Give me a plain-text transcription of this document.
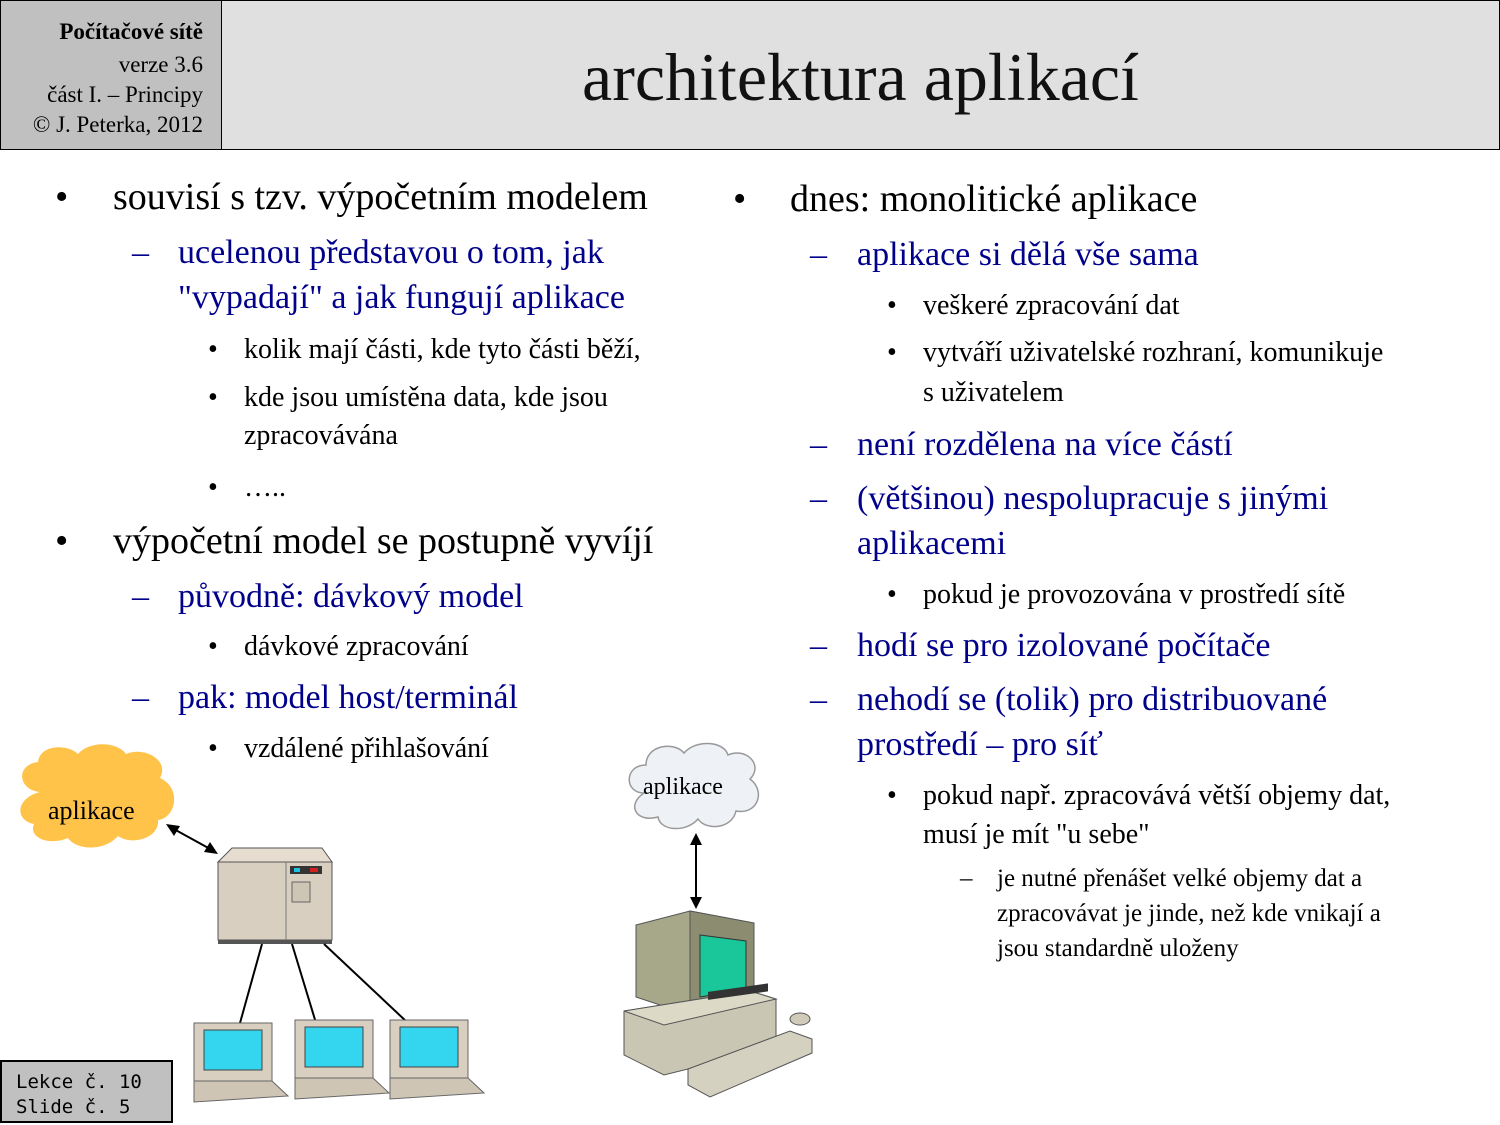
Počítačové sítě
verze 3.6
část I. – Principy
© J. Peterka, 2012
architektura aplikací
• souvisí s tzv. výpočetním modelem
– ucelenou představou o tom, jak
"vypadají" a jak fungují aplikace
• kolik mají části, kde tyto části běží,
• kde jsou umístěna data, kde jsou
zpracovávána
• …..
• výpočetní model se postupně vyvíjí
– původně: dávkový model
• dávkové zpracování
– pak: model host/terminál
• vzdálené přihlašování
• dnes: monolitické aplikace
– aplikace si dělá vše sama
• veškeré zpracování dat
• vytváří uživatelské rozhraní, komunikuje
s uživatelem
– není rozdělena na více částí
– (většinou) nespolupracuje s jinými
aplikacemi
• pokud je provozována v prostředí sítě
– hodí se pro izolované počítače
– nehodí se (tolik) pro distribuované
prostředí – pro síť
• pokud např. zpracovává větší objemy dat,
musí je mít "u sebe"
– je nutné přenášet velké objemy dat a
zpracovávat je jinde, než kde vnikají a
jsou standardně uloženy
aplikace
aplikace
Lekce č. 10
Slide č. 5
